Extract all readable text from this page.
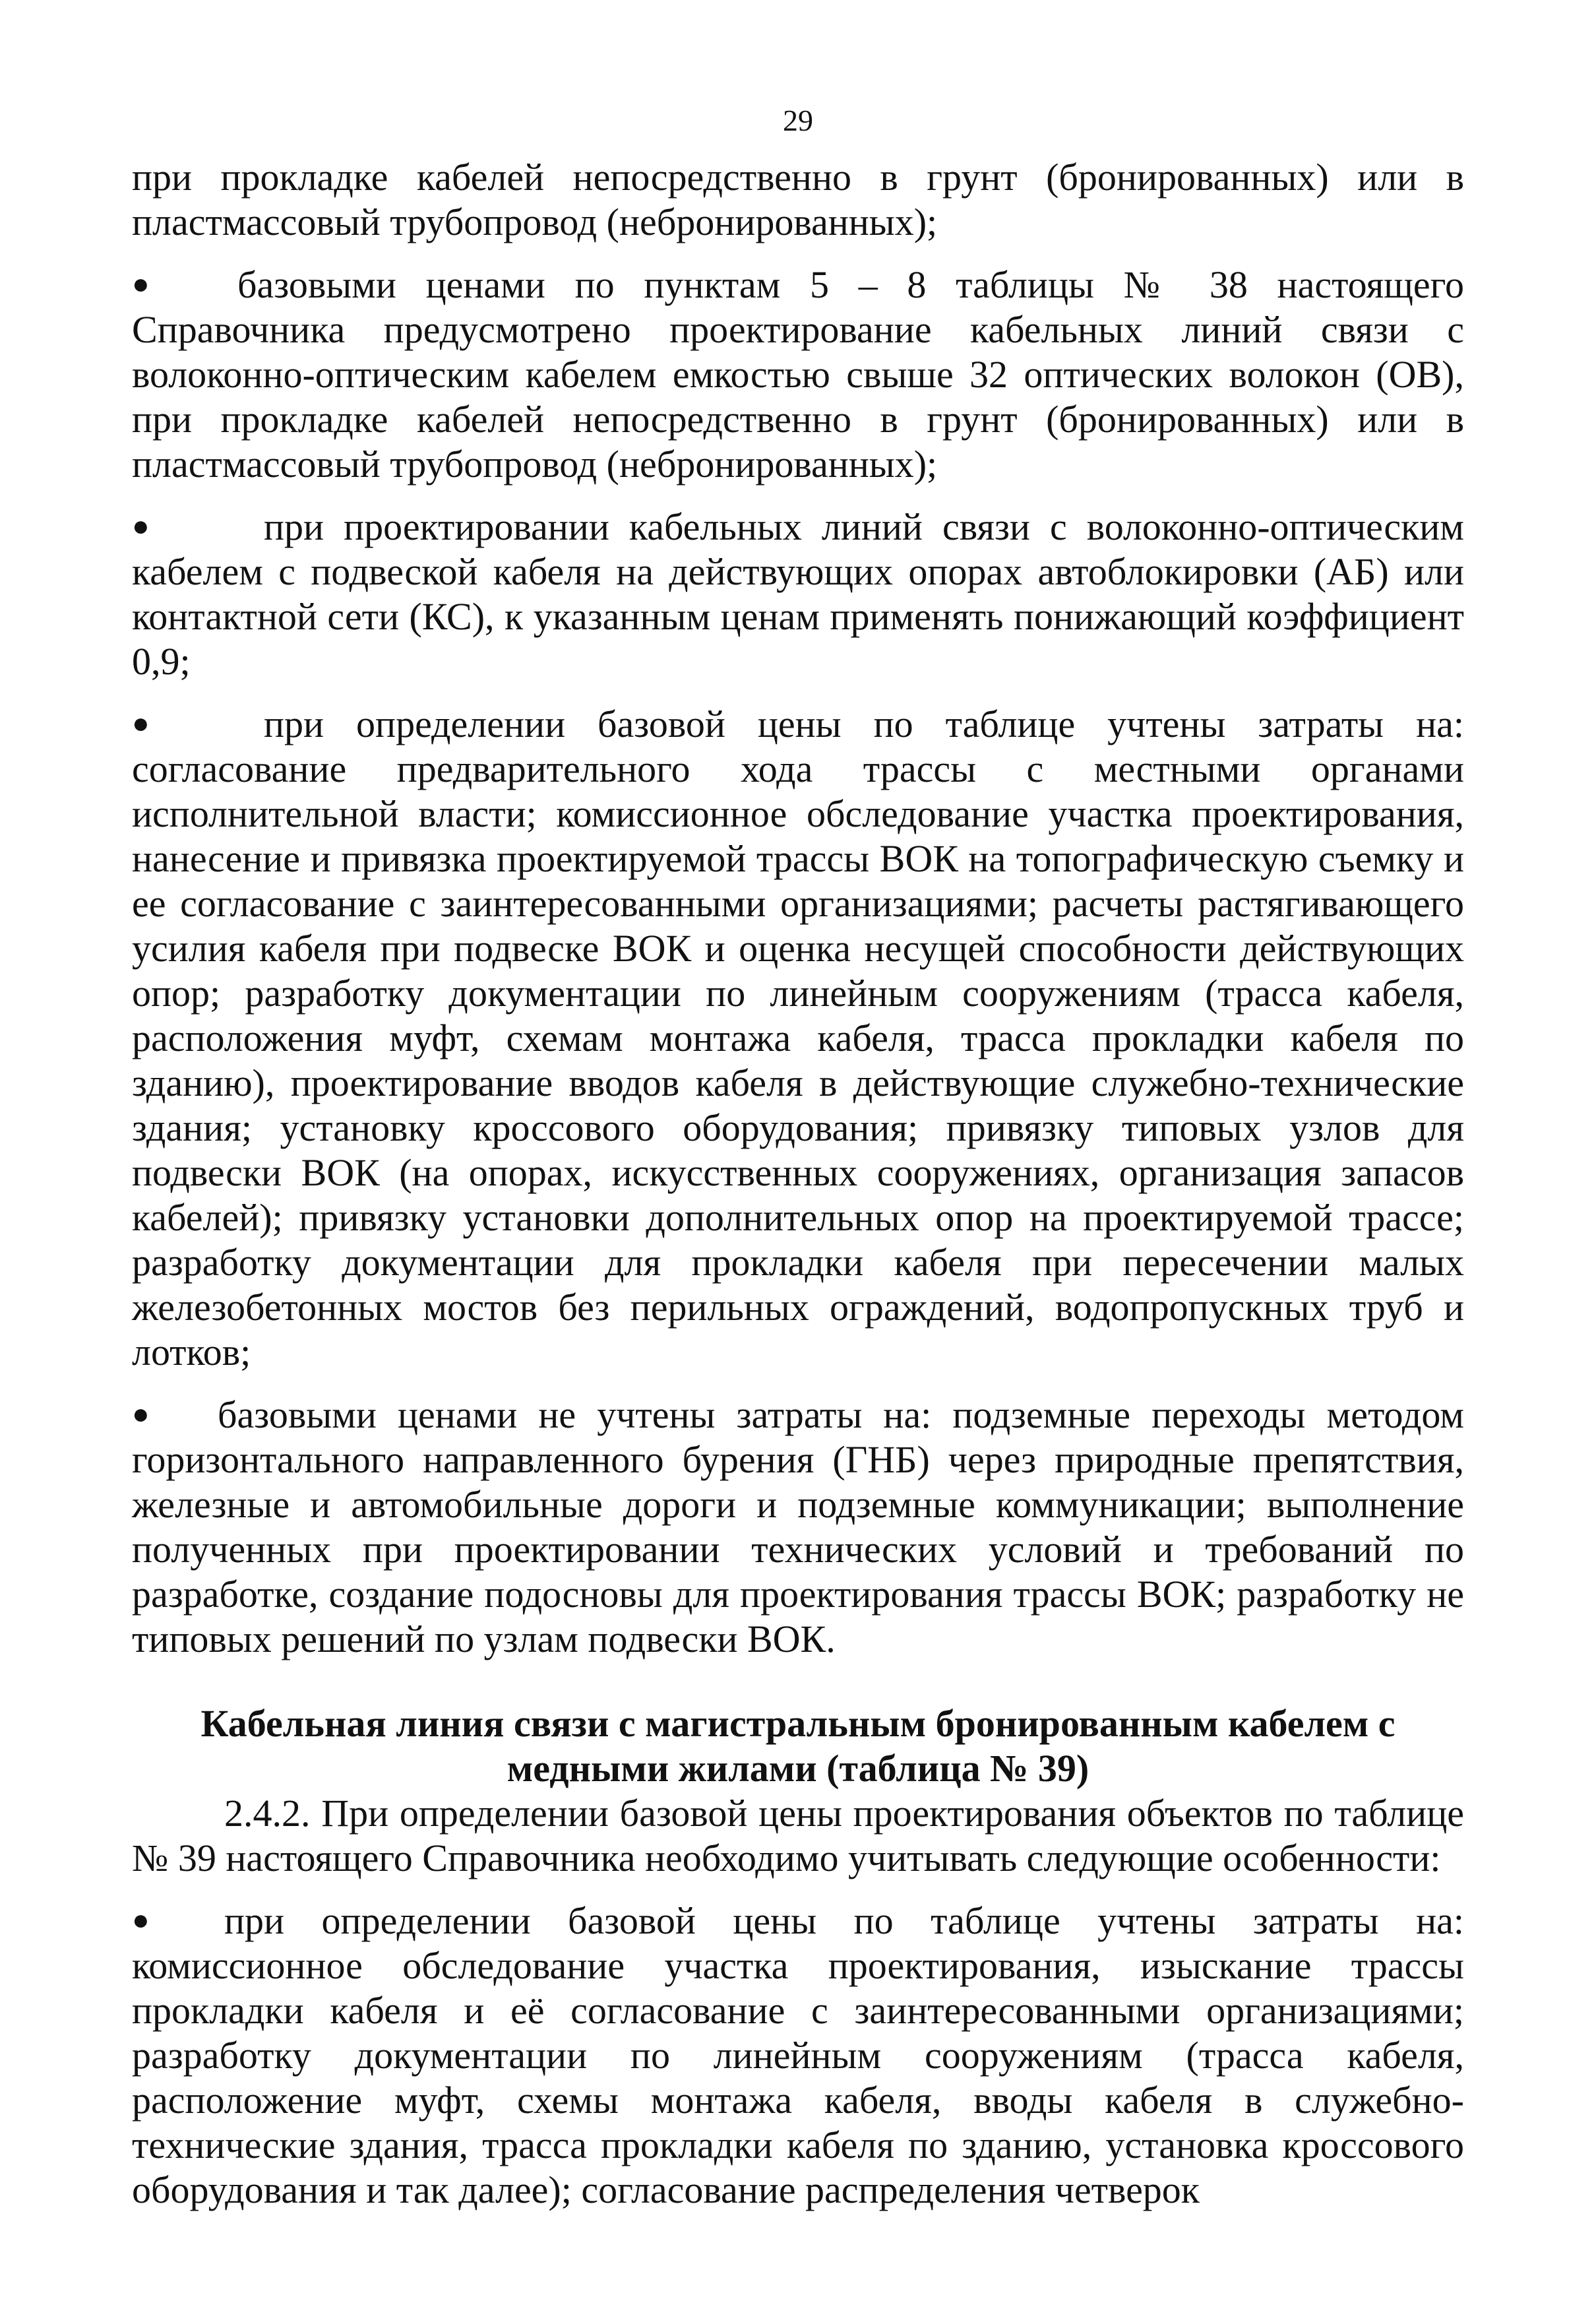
29

при прокладке кабелей непосредственно в грунт (бронированных) или в пластмассовый трубопровод (небронированных);

● базовыми ценами по пунктам 5 – 8 таблицы № 38 настоящего Справочника предусмотрено проектирование кабельных линий связи с волоконно-оптическим кабелем емкостью свыше 32 оптических волокон (ОВ), при прокладке кабелей непосредственно в грунт (бронированных) или в пластмассовый трубопровод (небронированных);

●	при проектировании кабельных линий связи с волоконно-оптическим кабелем с подвеской кабеля на действующих опорах автоблокировки (АБ) или контактной сети (КС), к указанным ценам применять понижающий коэффициент 0,9;

●	при определении базовой цены по таблице учтены затраты на: согласование предварительного хода трассы с местными органами исполнительной власти; комиссионное обследование участка проектирования, нанесение и привязка проектируемой трассы ВОК на топографическую съемку и ее согласование с заинтересованными организациями; расчеты растягивающего усилия кабеля при подвеске ВОК и оценка несущей способности действующих опор; разработку документации по линейным сооружениям (трасса кабеля, расположения муфт, схемам монтажа кабеля, трасса прокладки кабеля по зданию), проектирование вводов кабеля в действующие служебно-технические здания; установку кроссового оборудования; привязку типовых узлов для подвески ВОК (на опорах, искусственных сооружениях, организация запасов кабелей); привязку установки дополнительных опор на проектируемой трассе; разработку документации для прокладки кабеля при пересечении малых железобетонных мостов без перильных ограждений, водопропускных труб и лотков;

● базовыми ценами не учтены затраты на: подземные переходы методом горизонтального направленного бурения (ГНБ) через природные препятствия, железные и автомобильные дороги и подземные коммуникации; выполнение полученных при проектировании технических условий и требований по разработке, создание подосновы для проектирования трассы ВОК; разработку не типовых решений по узлам подвески ВОК.

Кабельная линия связи с магистральным бронированным кабелем с медными жилами (таблица № 39)

2.4.2. При определении базовой цены проектирования объектов по таблице № 39 настоящего Справочника необходимо учитывать следующие особенности:

● при определении базовой цены по таблице учтены затраты на: комиссионное обследование участка проектирования, изыскание трассы прокладки кабеля и её согласование с заинтересованными организациями; разработку документации по линейным сооружениям (трасса кабеля, расположение муфт, схемы монтажа кабеля, вводы кабеля в служебно-технические здания, трасса прокладки кабеля по зданию, установка кроссового оборудования и так далее); согласование распределения четверок
